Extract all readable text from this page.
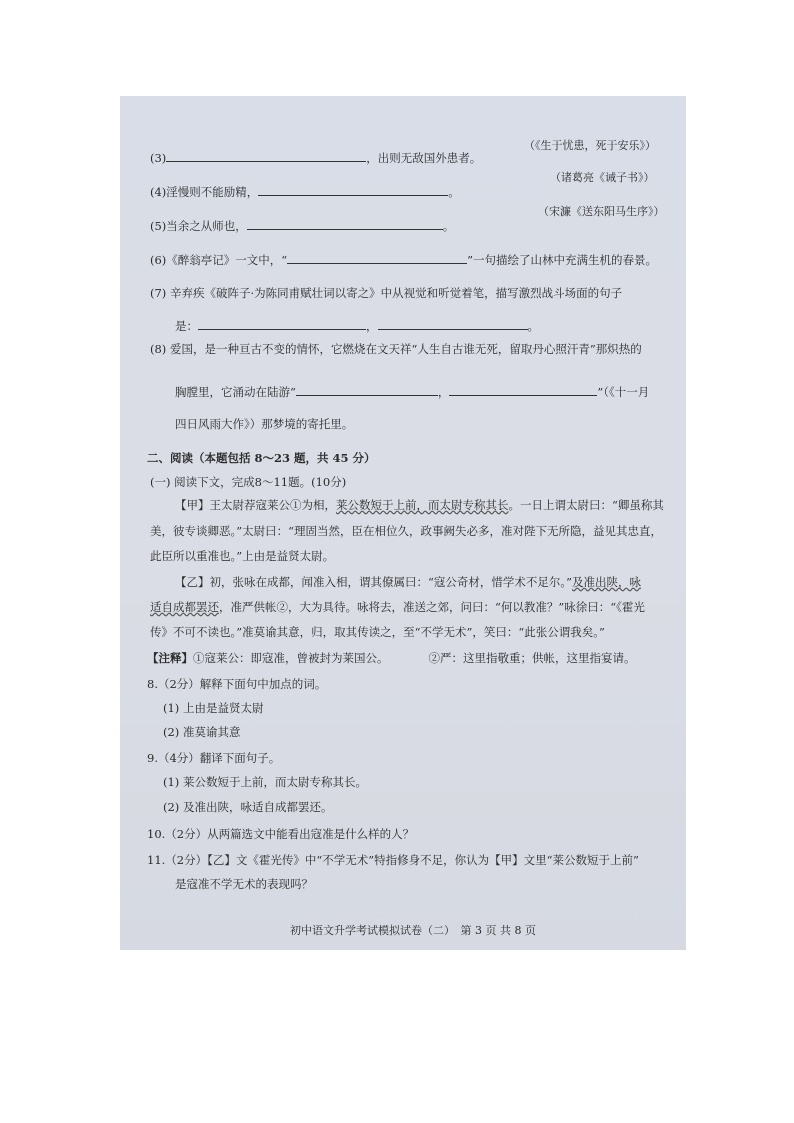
(3)	，出则无敌国外患者。
（《生于忧患，死于安乐》）
(4)淫慢则不能励精，	。
（诸葛亮《诫子书》）
(5)当余之从师也，	。
（宋濂《送东阳马生序》）
(6)《醉翁亭记》一文中，“	”一句描绘了山林中充满生机的春景。
(7) 辛弃疾《破阵子·为陈同甫赋壮词以寄之》中从视觉和听觉着笔，描写激烈战斗场面的句子
是：	，	。
(8) 爱国，是一种亘古不变的情怀，它燃烧在文天祥“人生自古谁无死，留取丹心照汗青”那炽热的
胸膛里，它涌动在陆游“	，	”（《十一月
四日风雨大作》）那梦境的寄托里。
二、阅读（本题包括 8～23 题，共 45 分）
(一) 阅读下文，完成8～11题。(10分)
【甲】王太尉荐寇莱公①为相，莱公数短于上前，而太尉专称其长。一日上谓太尉曰：“卿虽称其
美，彼专谈卿恶。”太尉曰：“理固当然，臣在相位久，政事阙失必多，准对陛下无所隐，益见其忠直，
此臣所以重准也。”上由是益贤太尉。
【乙】初，张咏在成都，闻准入相，谓其僚属曰：“寇公奇材，惜学术不足尔。”及准出陕，咏
适自成都罢还，准严供帐②，大为具待。咏将去，准送之郊，问曰：“何以教准？”咏徐曰：“《霍光
传》不可不读也。”准莫谕其意，归，取其传读之，至“不学无术”，笑曰：“此张公谓我矣。”
【注释】①寇莱公：即寇准，曾被封为莱国公。	②严：这里指敬重；供帐，这里指宴请。
8.（2分）解释下面句中加点的词。
(1) 上由是益贤太尉
(2) 准莫谕其意
9.（4分）翻译下面句子。
(1) 莱公数短于上前，而太尉专称其长。
(2) 及准出陕，咏适自成都罢还。
10.（2分）从两篇选文中能看出寇准是什么样的人？
11.（2分）【乙】文《霍光传》中“不学无术”特指修身不足，你认为【甲】文里“莱公数短于上前”
是寇准不学无术的表现吗？
初中语文升学考试模拟试卷（二）　第 3 页 共 8 页
